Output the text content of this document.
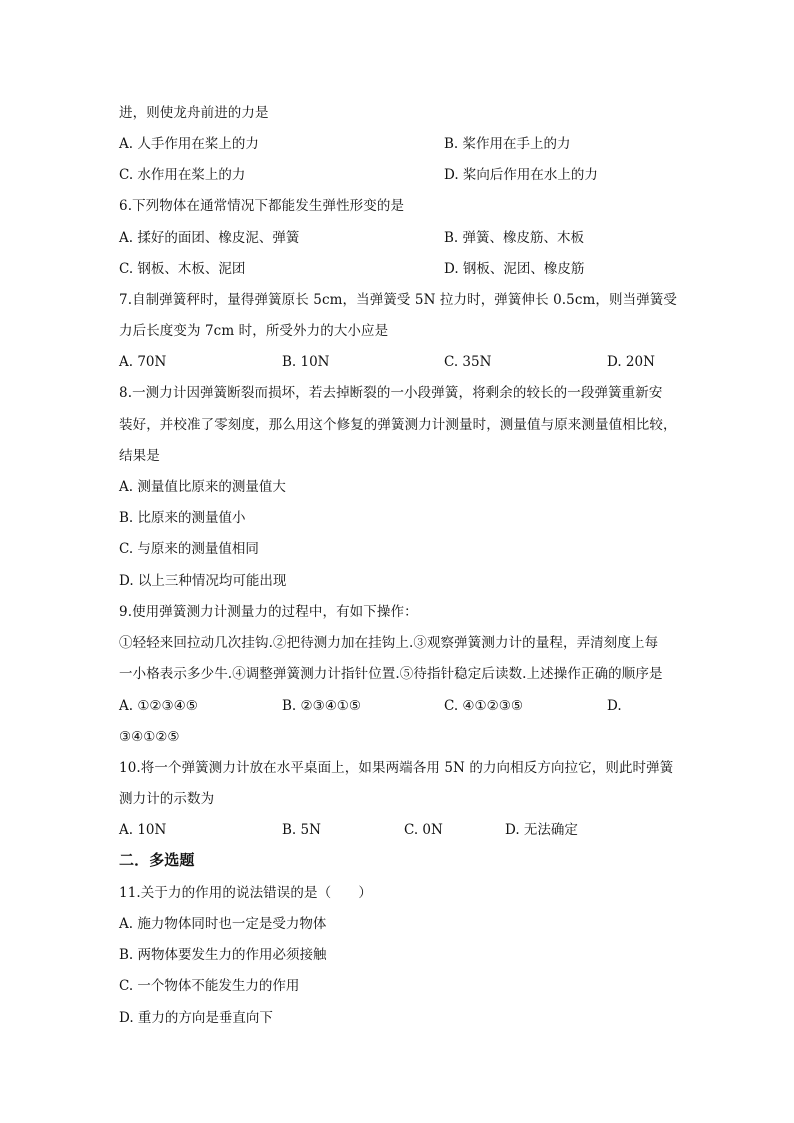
进，则使龙舟前进的力是
A. 人手作用在桨上的力	B. 桨作用在手上的力
C. 水作用在桨上的力	D. 桨向后作用在水上的力
6.下列物体在通常情况下都能发生弹性形变的是
A. 揉好的面团、橡皮泥、弹簧	B. 弹簧、橡皮筋、木板
C. 钢板、木板、泥团	D. 钢板、泥团、橡皮筋
7.自制弹簧秤时，量得弹簧原长 5cm，当弹簧受 5N 拉力时，弹簧伸长 0.5cm，则当弹簧受
力后长度变为 7cm 时，所受外力的大小应是
A. 70N	B. 10N	C. 35N	D. 20N
8.一测力计因弹簧断裂而损坏，若去掉断裂的一小段弹簧，将剩余的较长的一段弹簧重新安
装好，并校准了零刻度，那么用这个修复的弹簧测力计测量时，测量值与原来测量值相比较，
结果是
A. 测量值比原来的测量值大
B. 比原来的测量值小
C. 与原来的测量值相同
D. 以上三种情况均可能出现
9.使用弹簧测力计测量力的过程中，有如下操作：
①轻轻来回拉动几次挂钩.②把待测力加在挂钩上.③观察弹簧测力计的量程，弄清刻度上每
一小格表示多少牛.④调整弹簧测力计指针位置.⑤待指针稳定后读数.上述操作正确的顺序是
A. ①②③④⑤	B. ②③④①⑤	C. ④①②③⑤	D.
③④①②⑤
10.将一个弹簧测力计放在水平桌面上，如果两端各用 5N 的力向相反方向拉它，则此时弹簧
测力计的示数为
A. 10N	B. 5N	C. 0N	D. 无法确定
二．多选题
11.关于力的作用的说法错误的是（　　）
A. 施力物体同时也一定是受力物体
B. 两物体要发生力的作用必须接触
C. 一个物体不能发生力的作用
D. 重力的方向是垂直向下
